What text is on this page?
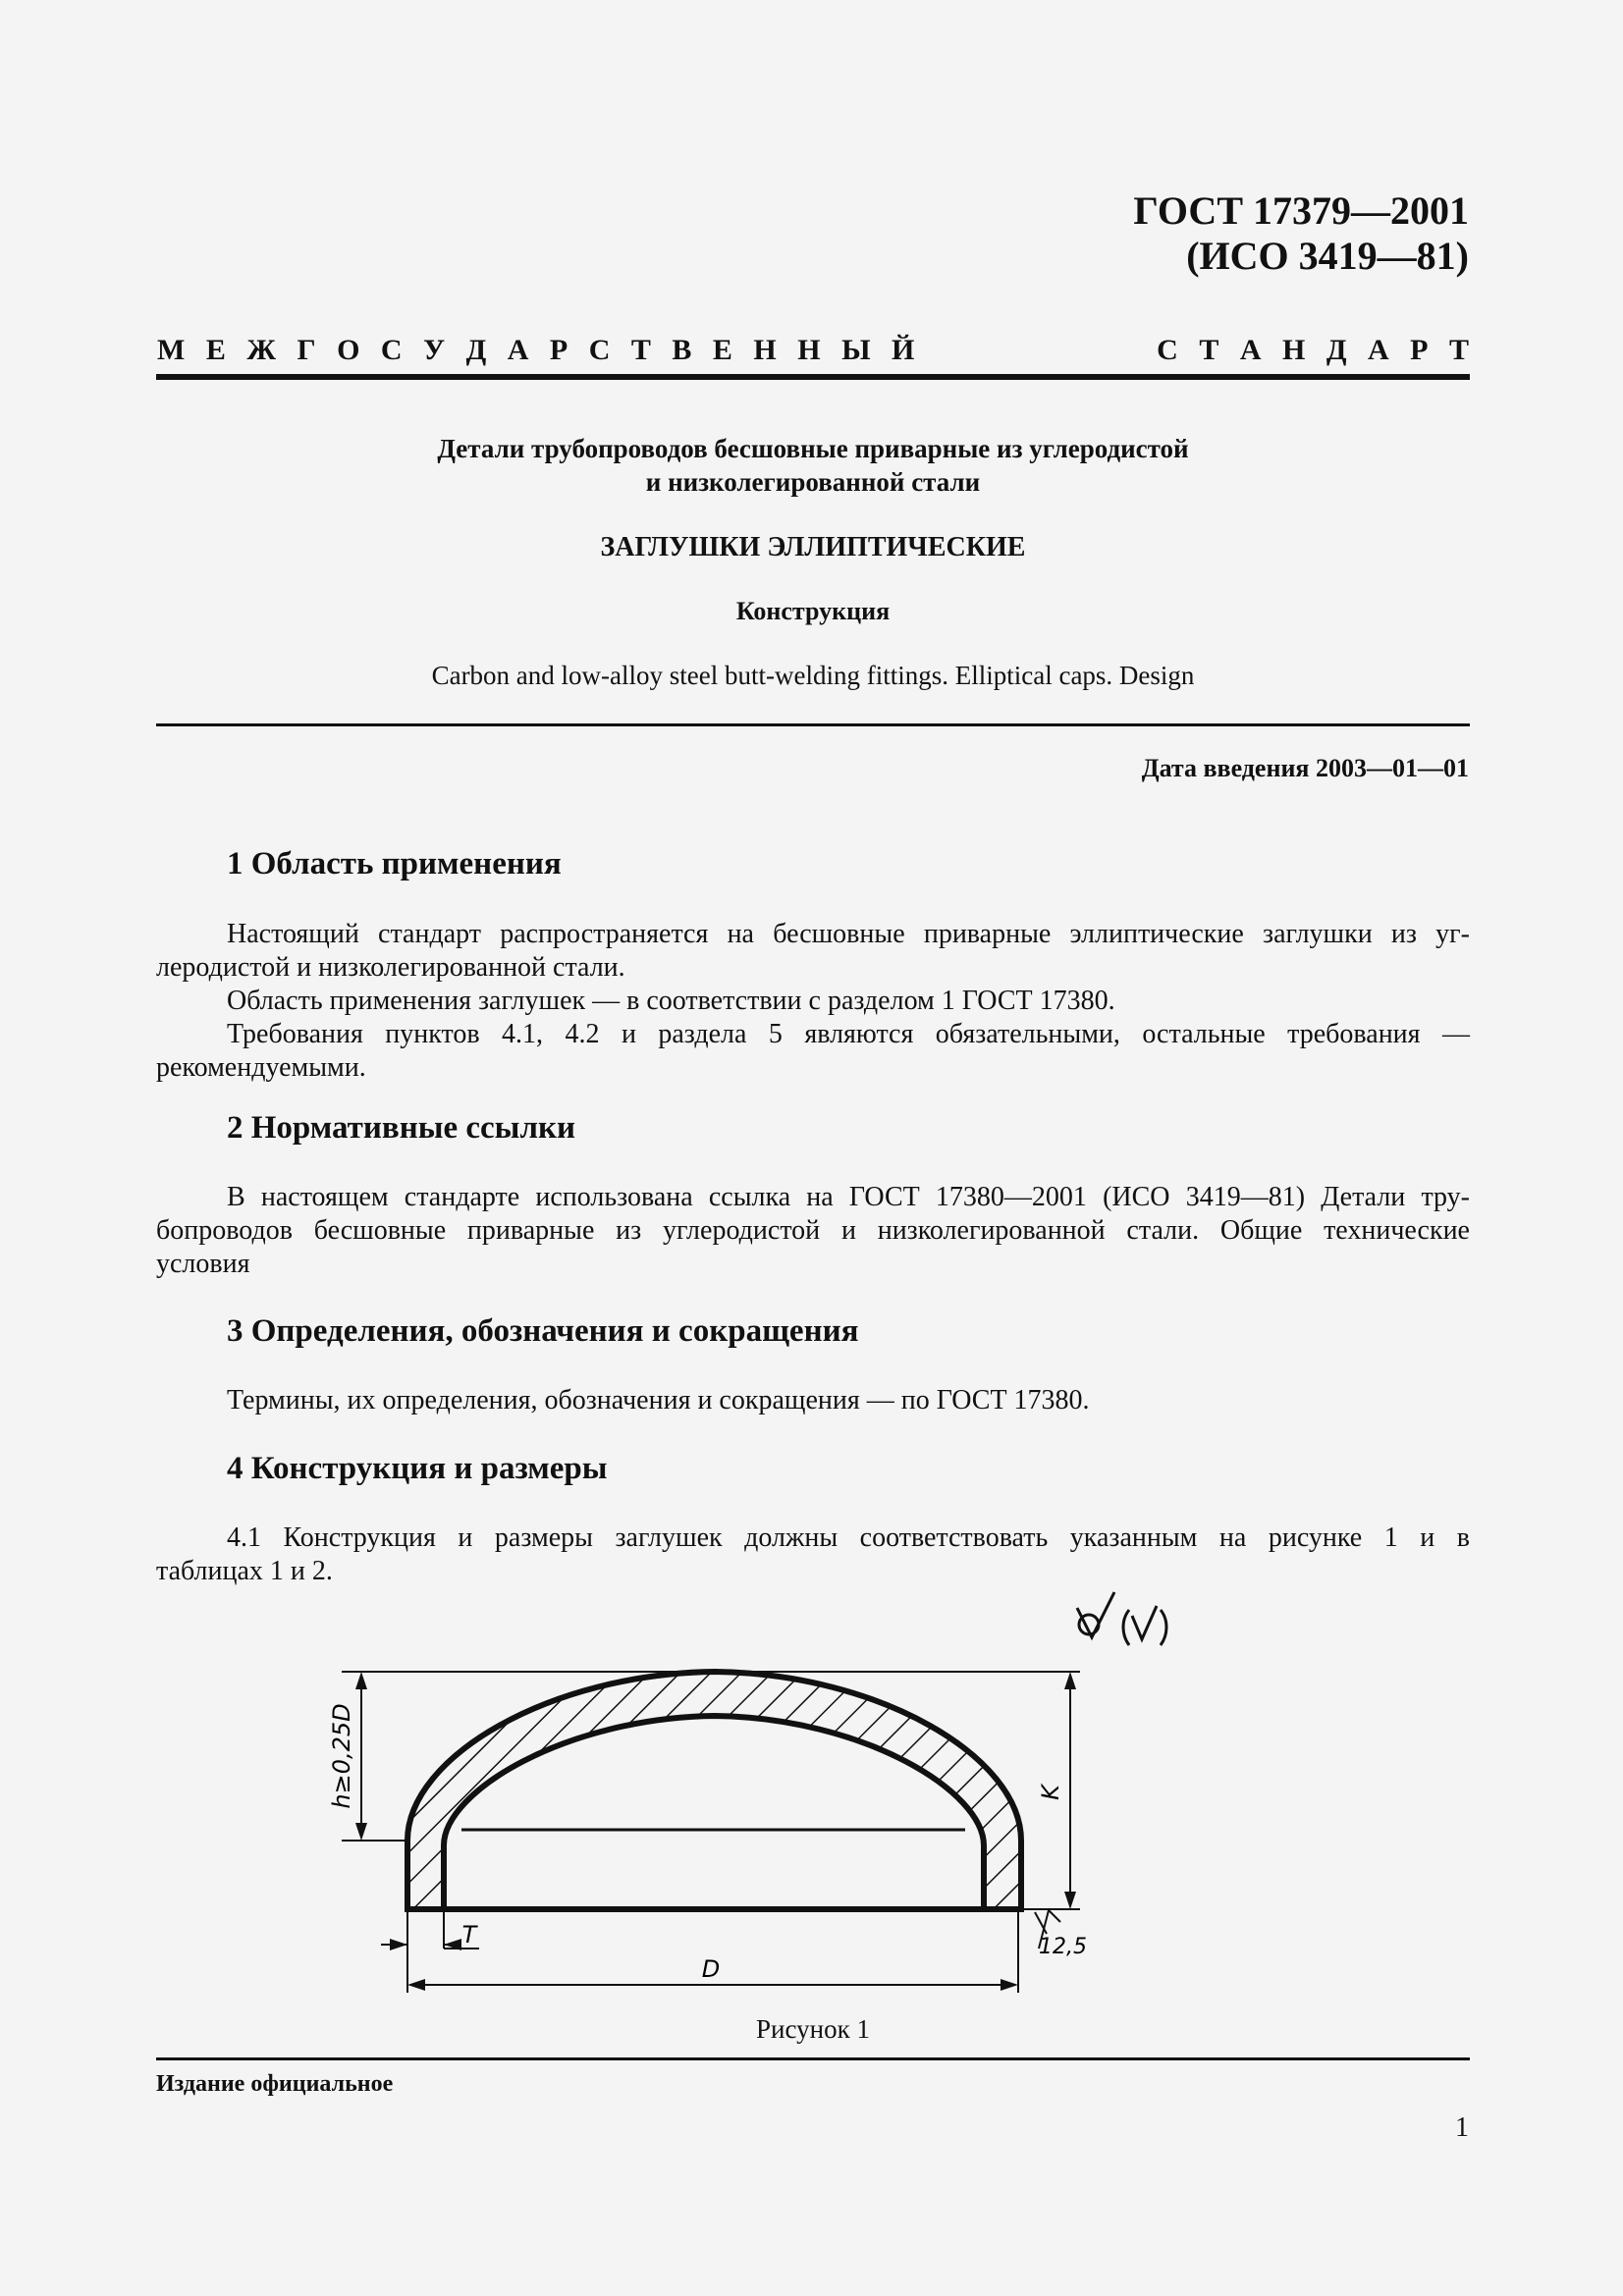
ГОСТ 17379—2001
(ИСО 3419—81)
М Е Ж Г О С У Д А Р С Т В Е Н Н Ы Й	С Т А Н Д А Р Т
Детали трубопроводов бесшовные приварные из углеродистой
и низколегированной стали
ЗАГЛУШКИ ЭЛЛИПТИЧЕСКИЕ
Конструкция
Carbon and low-alloy steel butt-welding fittings. Elliptical caps. Design
Дата введения 2003—01—01
1 Область применения
Настоящий стандарт распространяется на бесшовные приварные эллиптические заглушки из уг-
леродистой и низколегированной стали.
Область применения заглушек — в соответствии с разделом 1 ГОСТ 17380.
Требования пунктов 4.1, 4.2 и раздела 5 являются обязательными, остальные требования —
рекомендуемыми.
2 Нормативные ссылки
В настоящем стандарте использована ссылка на ГОСТ 17380—2001 (ИСО 3419—81) Детали тру-
бопроводов бесшовные приварные из углеродистой и низколегированной стали. Общие технические
условия
3 Определения, обозначения и сокращения
Термины, их определения, обозначения и сокращения — по ГОСТ 17380.
4 Конструкция и размеры
4.1 Конструкция и размеры заглушек должны соответствовать указанным на рисунке 1 и в
таблицах 1 и 2.
h≥0,25D	K
T
D
12,5
Рисунок 1
Издание официальное
1
